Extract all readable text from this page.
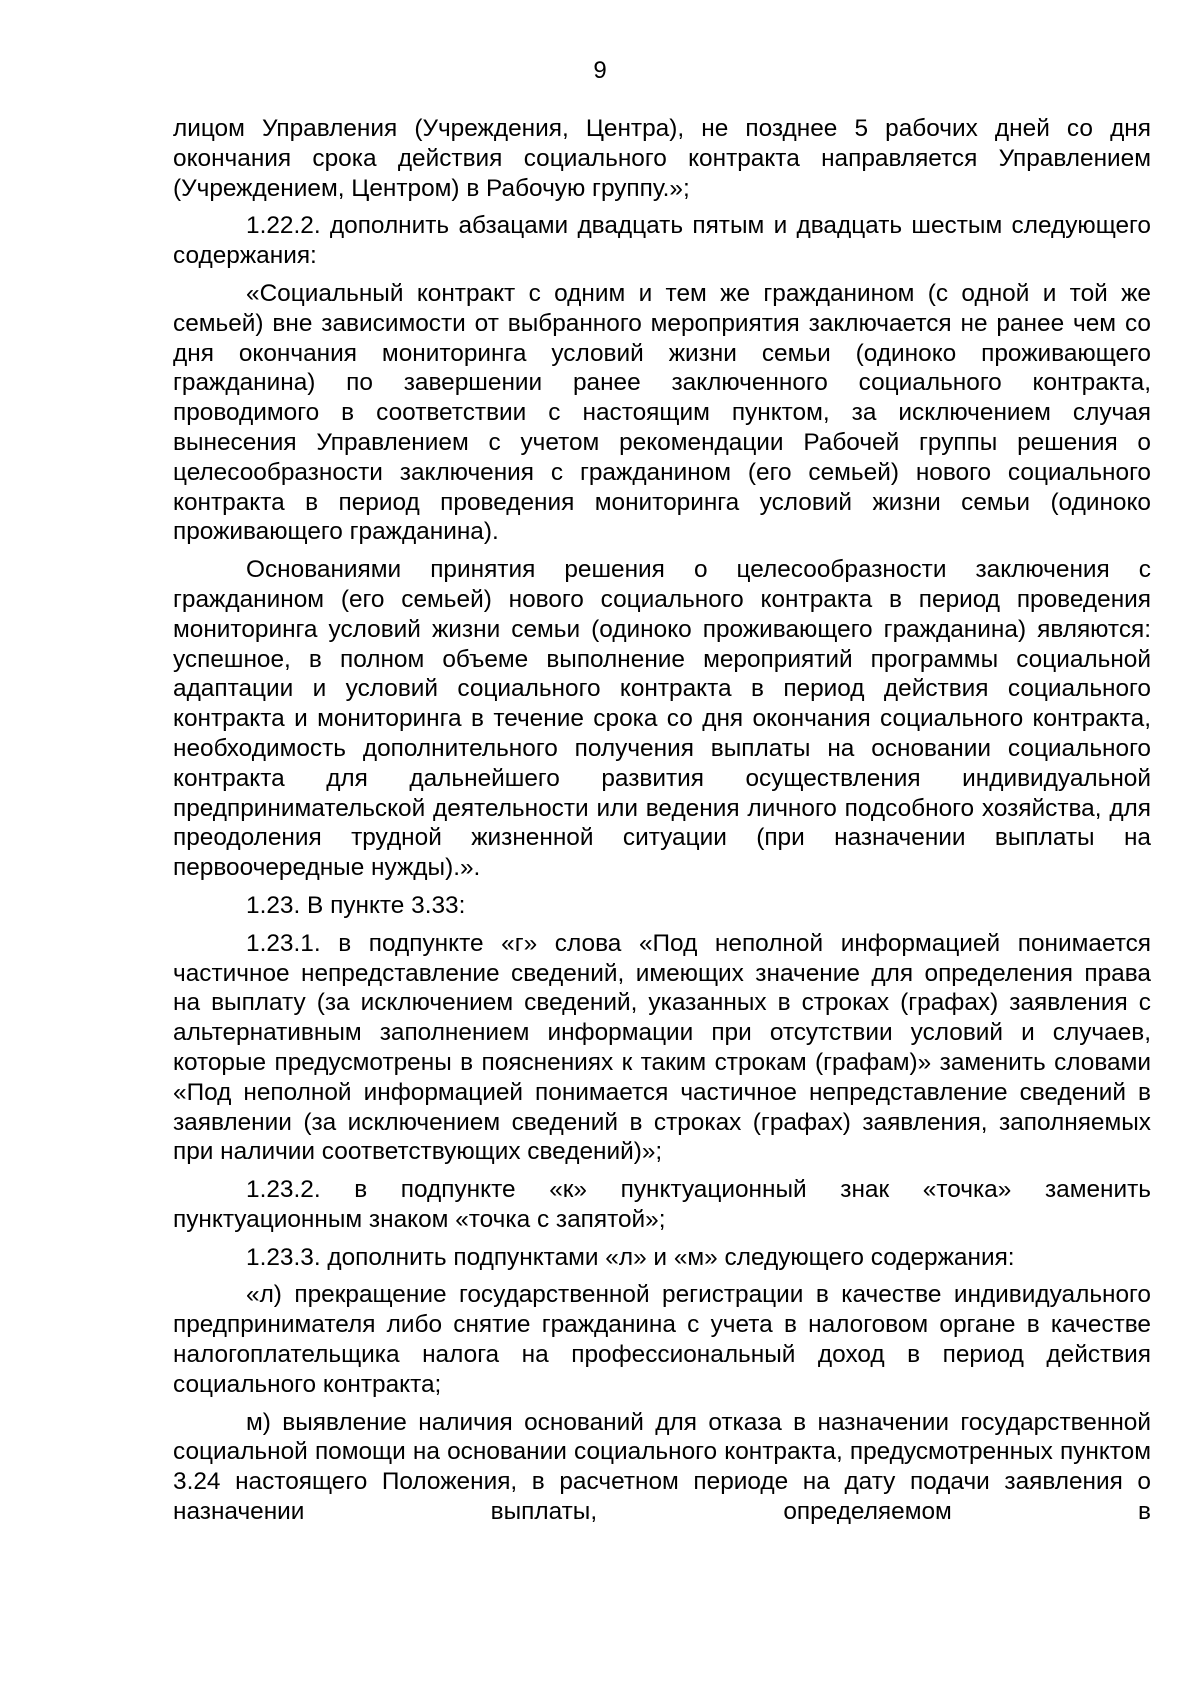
9

лицом Управления (Учреждения, Центра), не позднее 5 рабочих дней со дня окончания срока действия социального контракта направляется Управлением (Учреждением, Центром) в Рабочую группу.»;

1.22.2. дополнить абзацами двадцать пятым и двадцать шестым следующего содержания:

«Социальный контракт с одним и тем же гражданином (с одной и той же семьей) вне зависимости от выбранного мероприятия заключается не ранее чем со дня окончания мониторинга условий жизни семьи (одиноко проживающего гражданина) по завершении ранее заключенного социального контракта, проводимого в соответствии с настоящим пунктом, за исключением случая вынесения Управлением с учетом рекомендации Рабочей группы решения о целесообразности заключения с гражданином (его семьей) нового социального контракта в период проведения мониторинга условий жизни семьи (одиноко проживающего гражданина).

Основаниями принятия решения о целесообразности заключения с гражданином (его семьей) нового социального контракта в период проведения мониторинга условий жизни семьи (одиноко проживающего гражданина) являются: успешное, в полном объеме выполнение мероприятий программы социальной адаптации и условий социального контракта в период действия социального контракта и мониторинга в течение срока со дня окончания социального контракта, необходимость дополнительного получения выплаты на основании социального контракта для дальнейшего развития осуществления индивидуальной предпринимательской деятельности или ведения личного подсобного хозяйства, для преодоления трудной жизненной ситуации (при назначении выплаты на первоочередные нужды).».

1.23. В пункте 3.33:

1.23.1. в подпункте «г» слова «Под неполной информацией понимается частичное непредставление сведений, имеющих значение для определения права на выплату (за исключением сведений, указанных в строках (графах) заявления с альтернативным заполнением информации при отсутствии условий и случаев, которые предусмотрены в пояснениях к таким строкам (графам)» заменить словами «Под неполной информацией понимается частичное непредставление сведений в заявлении (за исключением сведений в строках (графах) заявления, заполняемых при наличии соответствующих сведений)»;

1.23.2. в подпункте «к» пунктуационный знак «точка» заменить пунктуационным знаком «точка с запятой»;

1.23.3. дополнить подпунктами «л» и «м» следующего содержания:

«л) прекращение государственной регистрации в качестве индивидуального предпринимателя либо снятие гражданина с учета в налоговом органе в качестве налогоплательщика налога на профессиональный доход в период действия социального контракта;

м) выявление наличия оснований для отказа в назначении государственной социальной помощи на основании социального контракта, предусмотренных пунктом 3.24 настоящего Положения, в расчетном периоде на дату подачи заявления о назначении выплаты, определяемом в
